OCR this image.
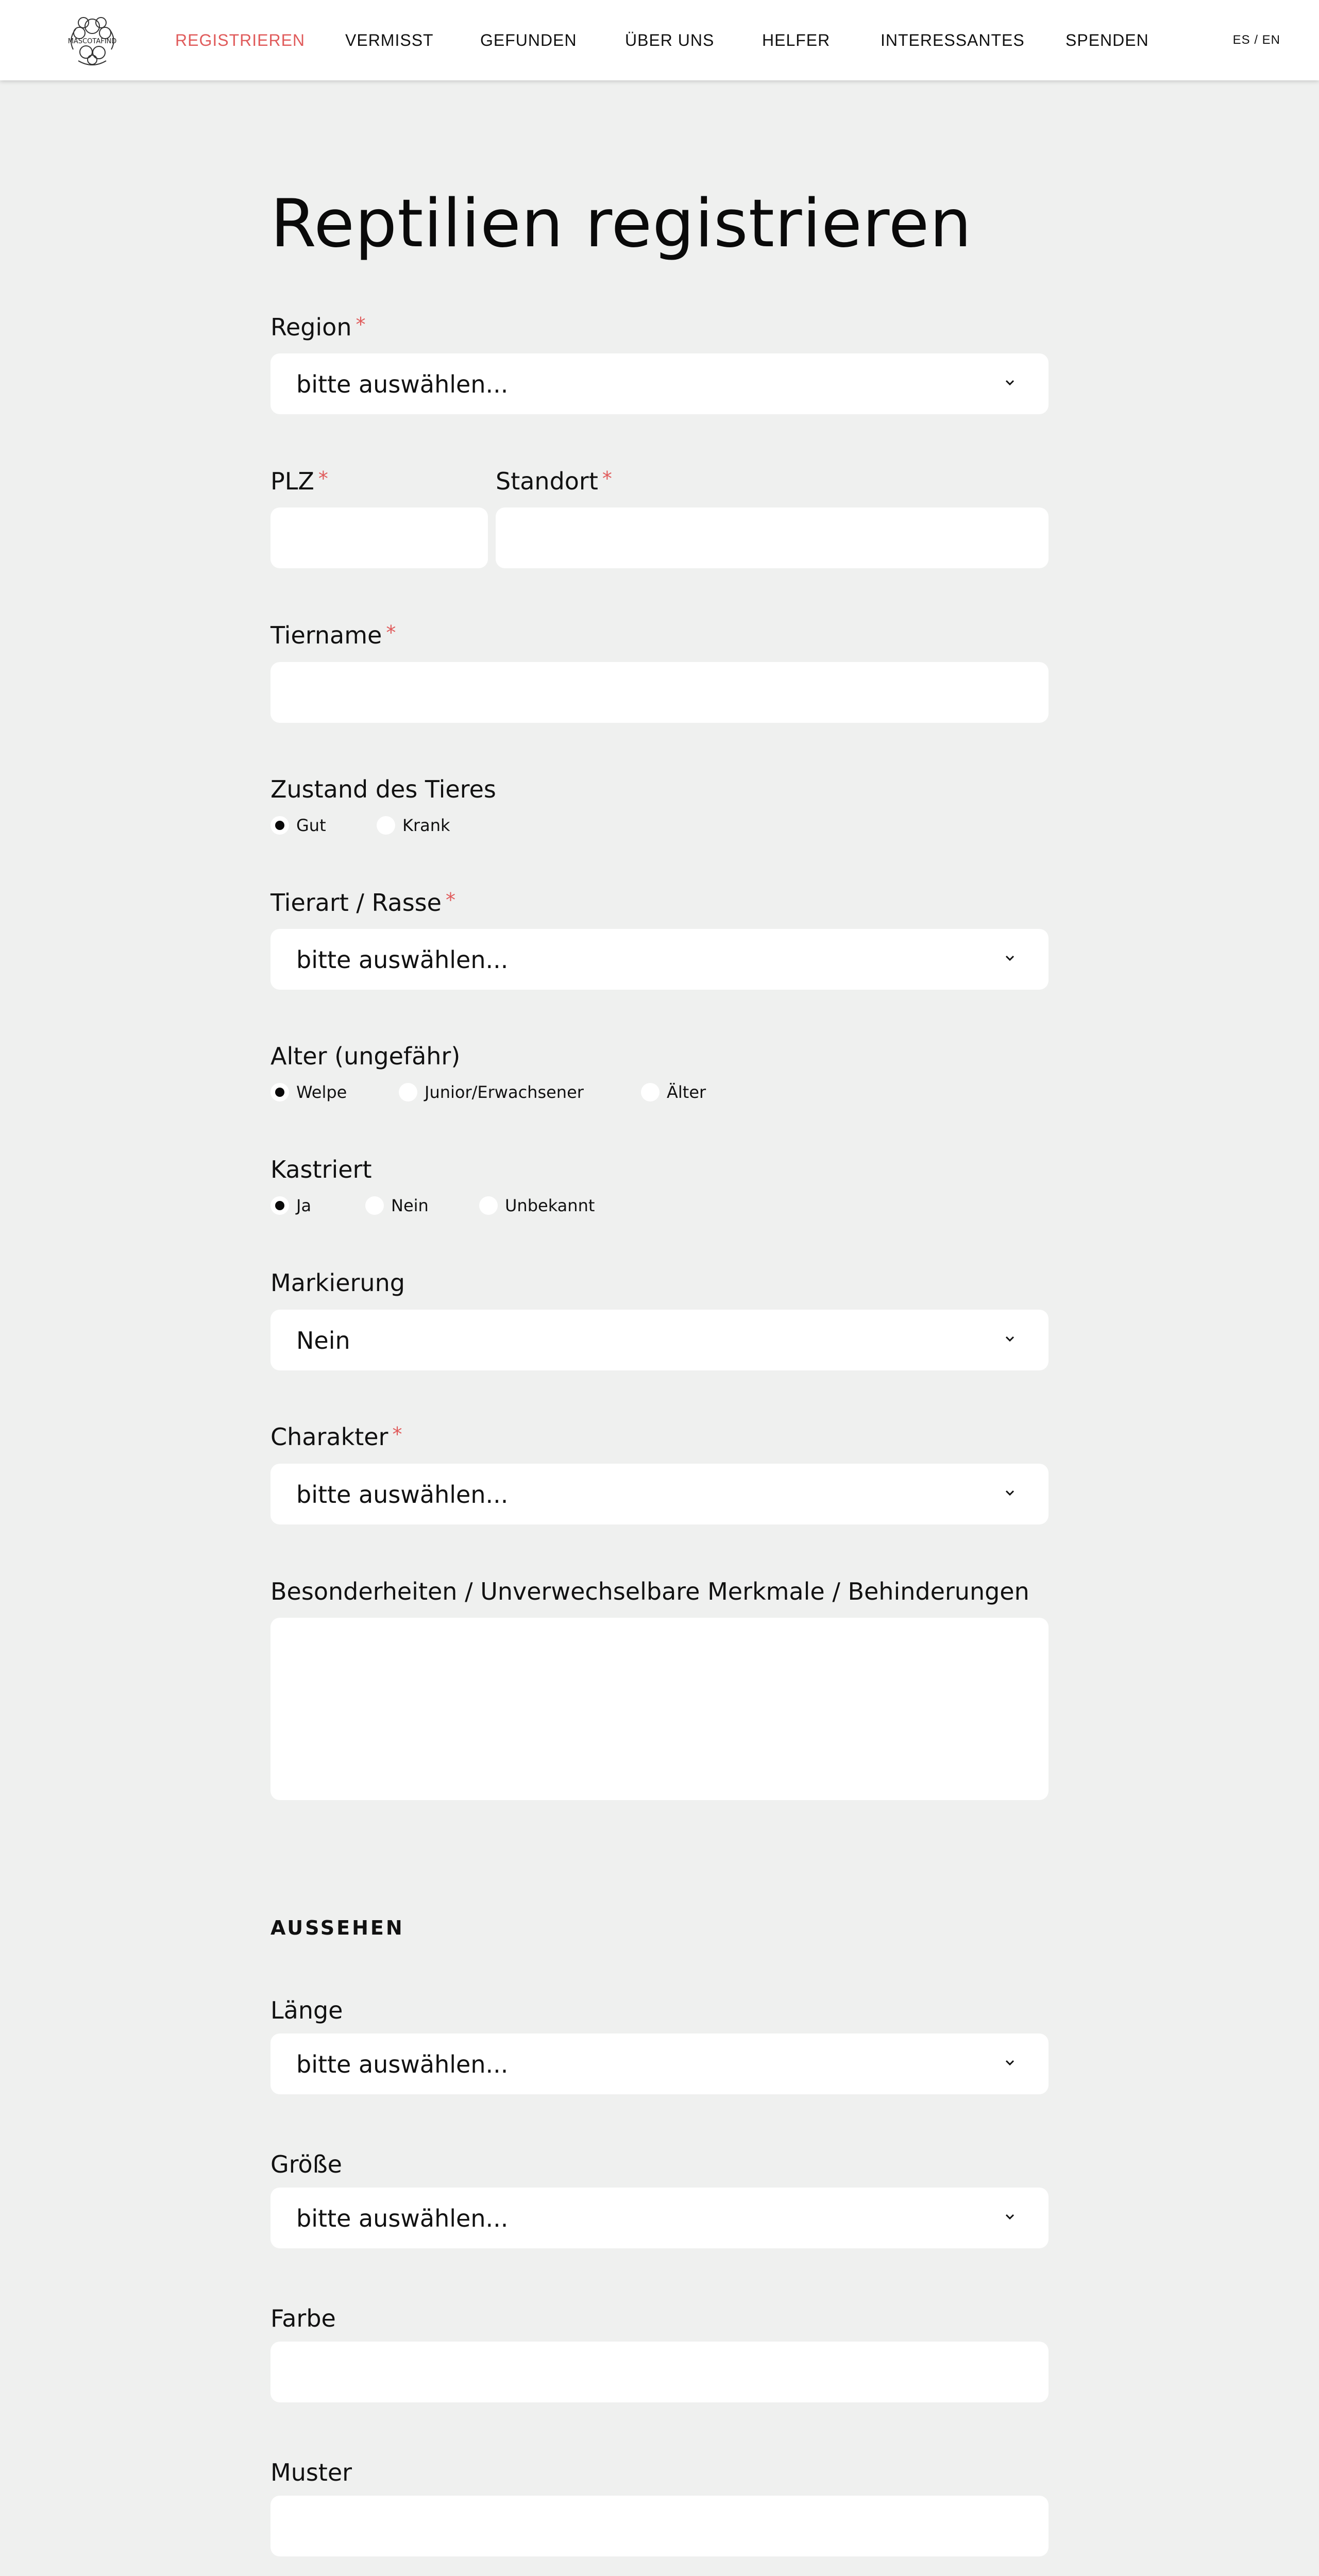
MASCOTAFIND	REGISTRIEREN VERMISST	GEFUNDEN	ÜBER UNS	HELFER	INTERESSANTES SPENDEN	ES / EN
Reptilien registrieren
Region *
bitte auswählen...
PLZ *	Standort *
Tiername *
Zustand des Tieres
Gut	Krank
Tierart / Rasse *
bitte auswählen...
Alter (ungefähr)
Welpe	Junior/Erwachsener	Älter
Kastriert
Ja	Nein	Unbekannt
Markierung
Nein
Charakter *
bitte auswählen...
Besonderheiten / Unverwechselbare Merkmale / Behinderungen
AUSSEHEN
Länge
bitte auswählen...
Größe
bitte auswählen...
Farbe
Muster
